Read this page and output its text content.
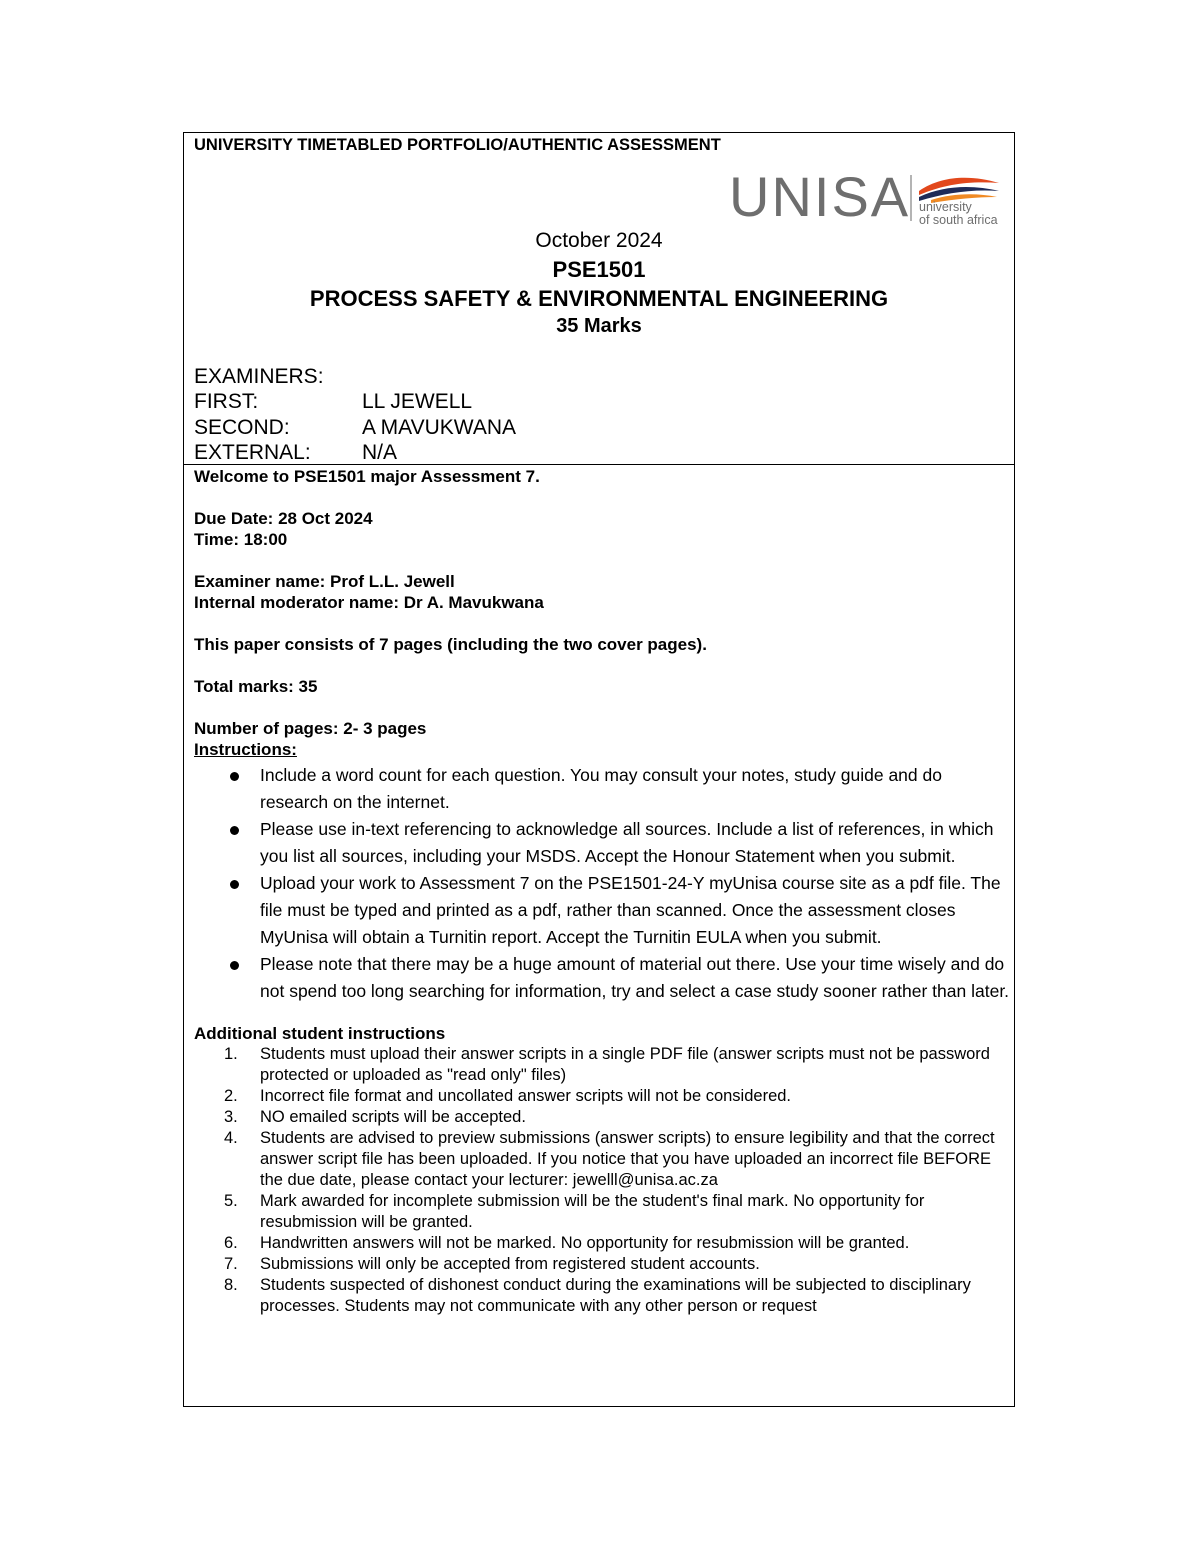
UNIVERSITY TIMETABLED PORTFOLIO/AUTHENTIC ASSESSMENT
UNISA university
of south africa
October 2024
PSE1501
PROCESS SAFETY & ENVIRONMENTAL ENGINEERING
35 Marks
EXAMINERS:
FIRST:	LL JEWELL
SECOND:	A MAVUKWANA
EXTERNAL: N/A
Welcome to PSE1501 major Assessment 7.
Due Date: 28 Oct 2024
Time: 18:00
Examiner name: Prof L.L. Jewell
Internal moderator name: Dr A. Mavukwana
This paper consists of 7 pages (including the two cover pages).
Total marks: 35
Number of pages: 2- 3 pages
Instructions:
Include a word count for each question. You may consult your notes, study guide and do research on the internet.
Please use in-text referencing to acknowledge all sources. Include a list of references, in which you list all sources, including your MSDS. Accept the Honour Statement when you submit.
Upload your work to Assessment 7 on the PSE1501-24-Y myUnisa course site as a pdf file. The file must be typed and printed as a pdf, rather than scanned. Once the assessment closes MyUnisa will obtain a Turnitin report. Accept the Turnitin EULA when you submit.
Please note that there may be a huge amount of material out there. Use your time wisely and do not spend too long searching for information, try and select a case study sooner rather than later.
Additional student instructions
1. Students must upload their answer scripts in a single PDF file (answer scripts must not be password protected or uploaded as "read only" files)
2. Incorrect file format and uncollated answer scripts will not be considered.
3. NO emailed scripts will be accepted.
4. Students are advised to preview submissions (answer scripts) to ensure legibility and that the correct answer script file has been uploaded. If you notice that you have uploaded an incorrect file BEFORE the due date, please contact your lecturer: jewelll@unisa.ac.za
5. Mark awarded for incomplete submission will be the student's final mark. No opportunity for resubmission will be granted.
6. Handwritten answers will not be marked. No opportunity for resubmission will be granted.
7. Submissions will only be accepted from registered student accounts.
8. Students suspected of dishonest conduct during the examinations will be subjected to disciplinary processes. Students may not communicate with any other person or request
